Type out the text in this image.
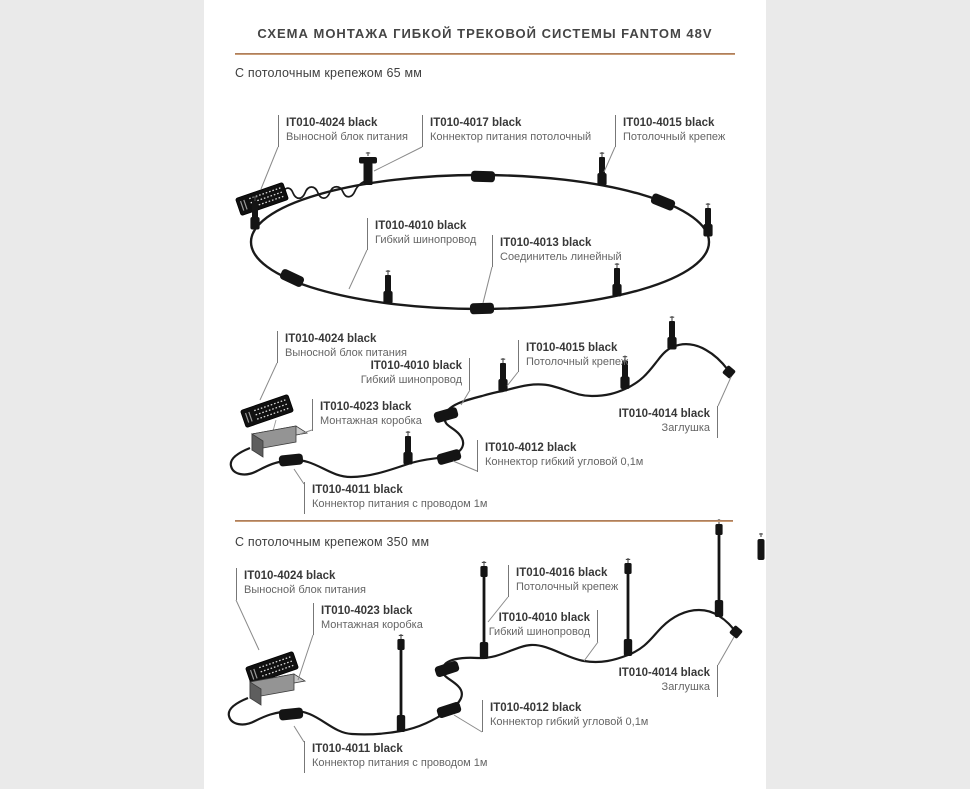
СХЕМА МОНТАЖА ГИБКОЙ ТРЕКОВОЙ СИСТЕМЫ FANTOM 48V
С потолочным крепежом 65 мм
С потолочным крепежом 350 мм
IT010-4024 black
Выносной блок питания
IT010-4017 black
Коннектор питания потолочный
IT010-4015 black
Потолочный крепеж
IT010-4010 black
Гибкий шинопровод IT010-4013 black
Соединитель линейный
IT010-4024 black
Выносной блок питания
IT010-4010 black
Гибкий шинопровод
IT010-4015 black
Потолочный крепеж
IT010-4014 black
Заглушка
IT010-4023 black
Монтажная коробка
IT010-4012 black
Коннектор гибкий угловой 0,1м
IT010-4011 black
Коннектор питания с проводом 1м
IT010-4024 black
Выносной блок питания
IT010-4023 black
Монтажная коробка
IT010-4016 black
Потолочный крепеж
IT010-4010 black
Гибкий шинопровод
IT010-4014 black
Заглушка
IT010-4012 black
Коннектор гибкий угловой 0,1м
IT010-4011 black
Коннектор питания с проводом 1м
